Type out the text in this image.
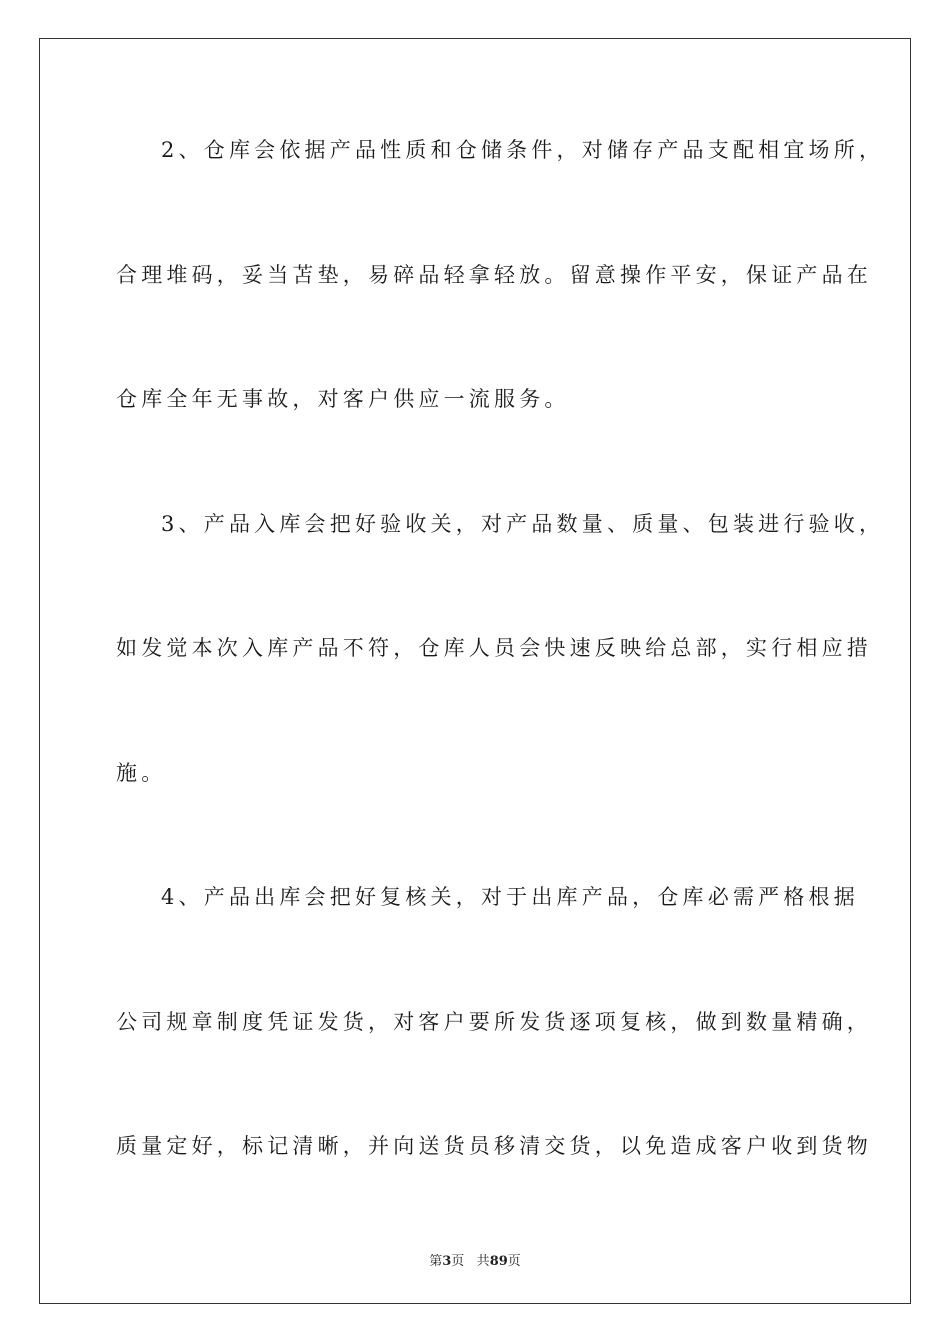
2、仓库会依据产品性质和仓储条件，对储存产品支配相宜场所，
合理堆码，妥当苫垫，易碎品轻拿轻放。留意操作平安，保证产品在
仓库全年无事故，对客户供应一流服务。
3、产品入库会把好验收关，对产品数量、质量、包装进行验收，
如发觉本次入库产品不符，仓库人员会快速反映给总部，实行相应措
施。
4、产品出库会把好复核关，对于出库产品，仓库必需严格根据
公司规章制度凭证发货，对客户要所发货逐项复核，做到数量精确，
质量定好，标记清晰，并向送货员移清交货，以免造成客户收到货物
第3页 共89页
